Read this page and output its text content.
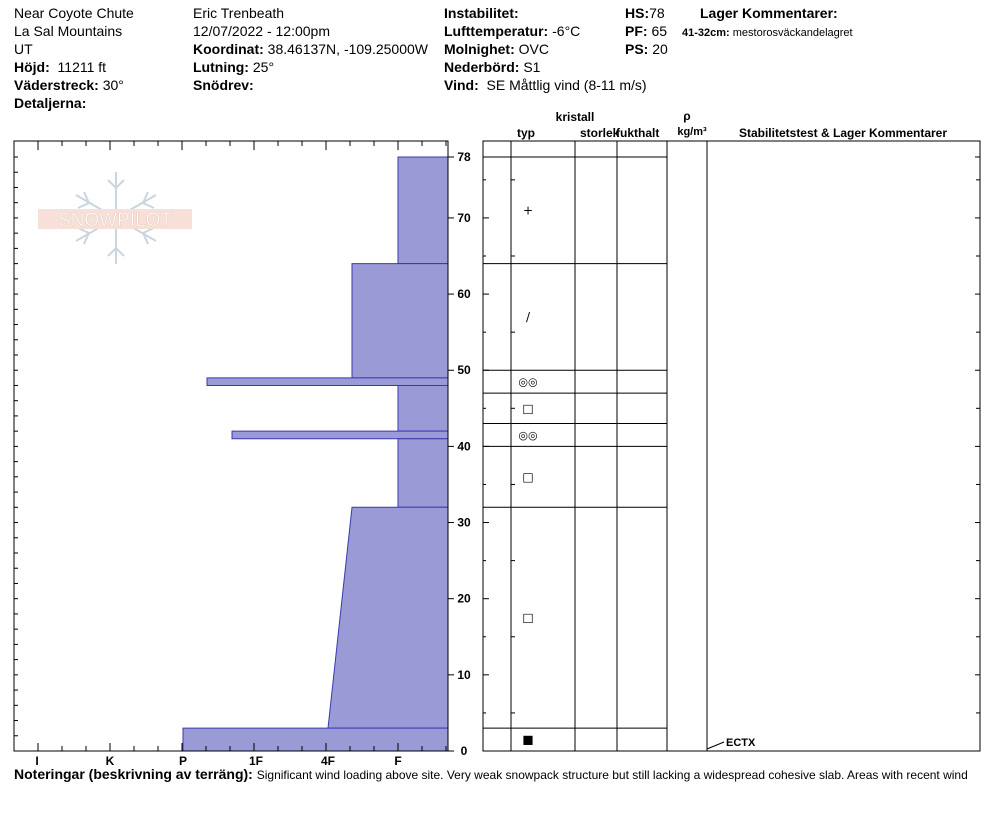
Near Coyote Chute
La Sal Mountains
UT
Höjd: 11211 ft
Väderstreck: 30°
Detaljerna:
Eric Trenbeath
12/07/2022 - 12:00pm
Koordinat: 38.46137N, -109.25000W
Lutning: 25°
Snödrev:
Instabilitet:
Lufttemperatur: -6°C
Molnighet: OVC
Nederbörd: S1
Vind: SE Måttlig vind (8-11 m/s)
HS:78
PF: 65
PS: 20
Lager Kommentarer:
41-32cm: mestorosväckandelagret
SNOWPILOT
kristall
typ	storlek
fukthalt
ρ
kg/m³	Stabilitetstest & Lager Kommentarer
I	K	P	1F	4F	F
0
10
20
30
40
50
60
70
78
+
/
◎◎
□
◎◎
□
□
■	ECTX
Noteringar (beskrivning av terräng): Significant wind loading above site. Very weak snowpack structure but still lacking a widespread cohesive slab. Areas with recent wind
